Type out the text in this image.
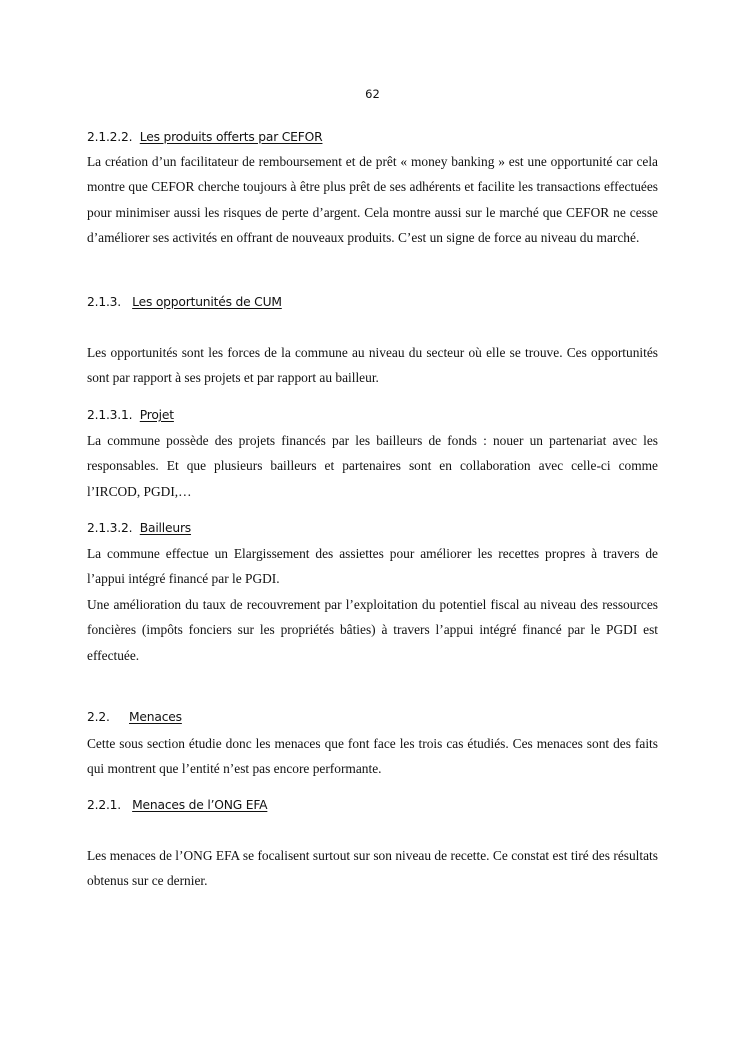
62
2.1.2.2. Les produits offerts par CEFOR

La création d’un facilitateur de remboursement et de prêt « money banking » est une opportunité car cela montre que CEFOR cherche toujours à être plus prêt de ses adhérents et facilite les transactions effectuées pour minimiser aussi les risques de perte d’argent. Cela montre aussi sur le marché que CEFOR ne cesse d’améliorer ses activités en offrant de nouveaux produits. C’est un signe de force au niveau du marché.

2.1.3. Les opportunités de CUM

Les opportunités sont les forces de la commune au niveau du secteur où elle se trouve. Ces opportunités sont par rapport à ses projets et par rapport au bailleur.

2.1.3.1. Projet

La commune possède des projets financés par les bailleurs de fonds : nouer un partenariat avec les responsables. Et que plusieurs bailleurs et partenaires sont en collaboration avec celle-ci comme l’IRCOD, PGDI,…

2.1.3.2. Bailleurs

La commune effectue un Elargissement des assiettes pour améliorer les recettes propres à travers de l’appui intégré financé par le PGDI.

Une amélioration du taux de recouvrement par l’exploitation du potentiel fiscal au niveau des ressources foncières (impôts fonciers sur les propriétés bâties) à travers l’appui intégré financé par le PGDI est effectuée.

2.2. Menaces

Cette sous section étudie donc les menaces que font face les trois cas étudiés. Ces menaces sont des faits qui montrent que l’entité n’est pas encore performante.

2.2.1. Menaces de l’ONG EFA

Les menaces de l’ONG EFA se focalisent surtout sur son niveau de recette. Ce constat est tiré des résultats obtenus sur ce dernier.
